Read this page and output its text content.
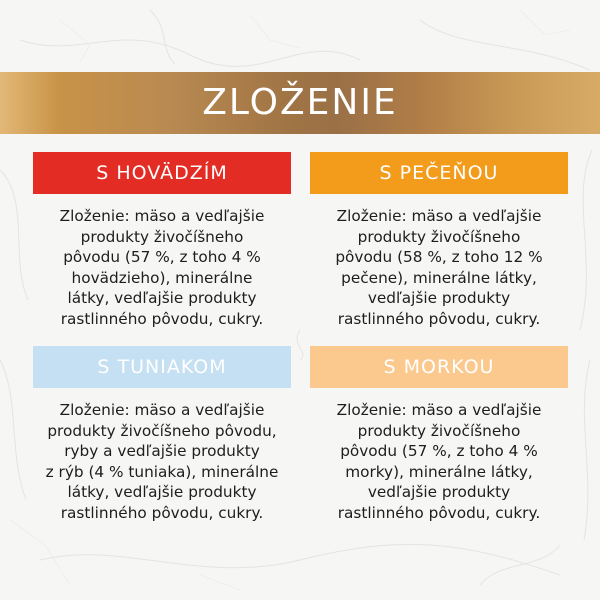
ZLOŽENIE
S HOVÄDZÍM
Zloženie: mäso a vedľajšie
produkty živočíšneho
pôvodu (57 %, z toho 4 %
hovädzieho), minerálne
látky, vedľajšie produkty
rastlinného pôvodu, cukry.
S PEČEŇOU
Zloženie: mäso a vedľajšie
produkty živočíšneho
pôvodu (58 %, z toho 12 %
pečene), minerálne látky,
vedľajšie produkty
rastlinného pôvodu, cukry.
S TUNIAKOM
Zloženie: mäso a vedľajšie
produkty živočíšneho pôvodu,
ryby a vedľajšie produkty
z rýb (4 % tuniaka), minerálne
látky, vedľajšie produkty
rastlinného pôvodu, cukry.
S MORKOU
Zloženie: mäso a vedľajšie
produkty živočíšneho
pôvodu (57 %, z toho 4 %
morky), minerálne látky,
vedľajšie produkty
rastlinného pôvodu, cukry.
